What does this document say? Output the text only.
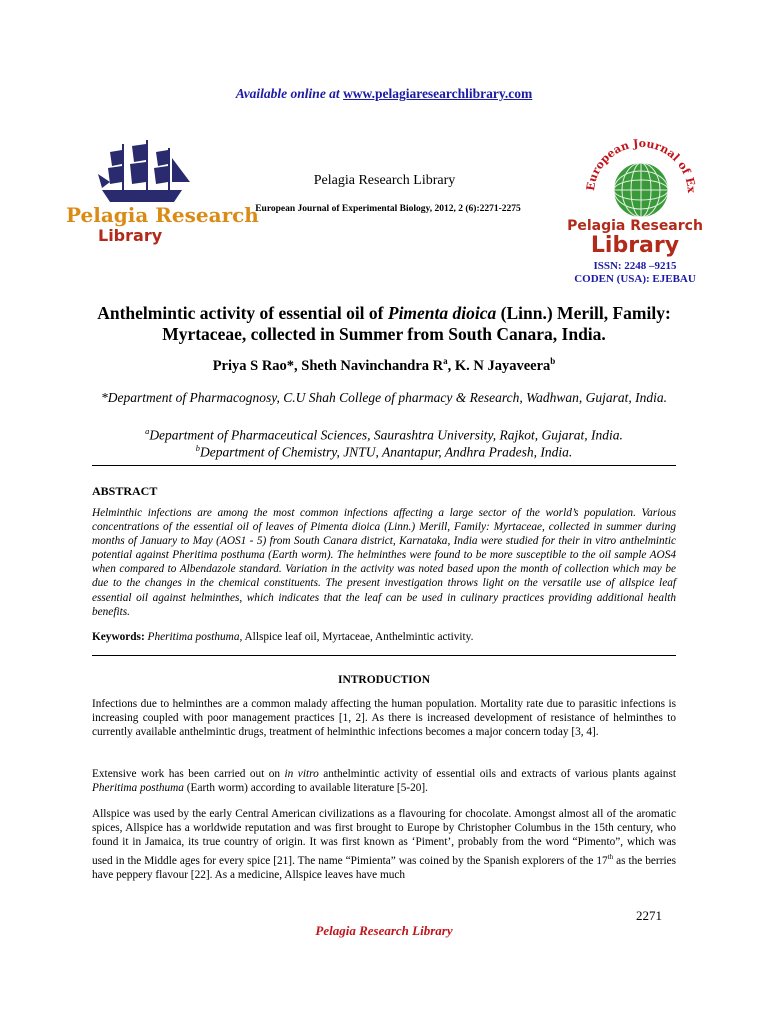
Available online at www.pelagiaresearchlibrary.com
Pelagia Research
Library
Pelagia Research Library
European Journal of Experimental Biology, 2012, 2 (6):2271-2275
European Journal of Ex
Pelagia Research
Library
ISSN: 2248 –9215
CODEN (USA): EJEBAU
Anthelmintic activity of essential oil of Pimenta dioica (Linn.) Merill, Family: Myrtaceae, collected in Summer from South Canara, India.
Priya S Rao*, Sheth Navinchandra $R^a$, K. N Jayaveera$^b$
*Department of Pharmacognosy, C.U Shah College of pharmacy & Research, Wadhwan, Gujarat, India.
$^a$Department of Pharmaceutical Sciences, Saurashtra University, Rajkot, Gujarat, India.
$^b$Department of Chemistry, JNTU, Anantapur, Andhra Pradesh, India.
ABSTRACT
Helminthic infections are among the most common infections affecting a large sector of the world’s population. Various concentrations of the essential oil of leaves of Pimenta dioica (Linn.) Merill, Family: Myrtaceae, collected in summer during months of January to May (AOS1 - 5) from South Canara district, Karnataka, India were studied for their in vitro anthelmintic potential against Pheritima posthuma (Earth worm). The helminthes were found to be more susceptible to the oil sample AOS4 when compared to Albendazole standard. Variation in the activity was noted based upon the month of collection which may be due to the changes in the chemical constituents. The present investigation throws light on the versatile use of allspice leaf essential oil against helminthes, which indicates that the leaf can be used in culinary practices providing additional health benefits.
Keywords: Pheritima posthuma, Allspice leaf oil, Myrtaceae, Anthelmintic activity.
INTRODUCTION
Infections due to helminthes are a common malady affecting the human population. Mortality rate due to parasitic infections is increasing coupled with poor management practices [1, 2]. As there is increased development of resistance of helminthes to currently available anthelmintic drugs, treatment of helminthic infections becomes a major concern today [3, 4].
Extensive work has been carried out on in vitro anthelmintic activity of essential oils and extracts of various plants against Pheritima posthuma (Earth worm) according to available literature [5-20].
Allspice was used by the early Central American civilizations as a flavouring for chocolate. Amongst almost all of the aromatic spices, Allspice has a worldwide reputation and was first brought to Europe by Christopher Columbus in the 15th century, who found it in Jamaica, its true country of origin. It was first known as ‘Piment’, probably from the word “Pimento”, which was used in the Middle ages for every spice [21]. The name “Pimienta” was coined by the Spanish explorers of the 17th as the berries have peppery flavour [22]. As a medicine, Allspice leaves have much
2271
Pelagia Research Library
